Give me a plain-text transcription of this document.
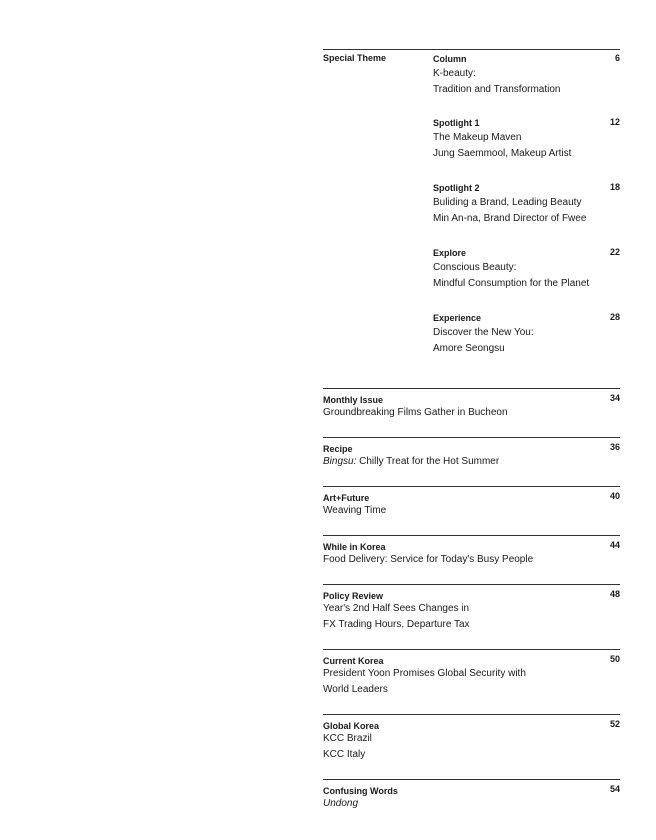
Special Theme	Column	6
K-beauty:
Tradition and Transformation
Spotlight 1	12
The Makeup Maven
Jung Saemmool, Makeup Artist
Spotlight 2	18
Buliding a Brand, Leading Beauty
Min An-na, Brand Director of Fwee
Explore	22
Conscious Beauty:
Mindful Consumption for the Planet
Experience	28
Discover the New You:
Amore Seongsu
Monthly Issue	34
Groundbreaking Films Gather in Bucheon
Recipe	36
Bingsu: Chilly Treat for the Hot Summer
Art+Future	40
Weaving Time
While in Korea	44
Food Delivery: Service for Today's Busy People
Policy Review	48
Year's 2nd Half Sees Changes in
FX Trading Hours, Departure Tax
Current Korea	50
President Yoon Promises Global Security with
World Leaders
Global Korea	52
KCC Brazil
KCC Italy
Confusing Words	54
Undong
